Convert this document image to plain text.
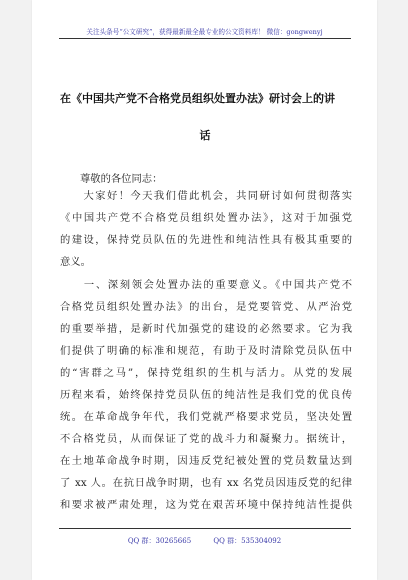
关注头条号“公文研究”，获得最新最全最专业的公文资料库！ 微信：gongwenyj
在《中国共产党不合格党员组织处置办法》研讨会上的讲
话
尊敬的各位同志：
　　大家好！今天我们借此机会，共同研讨如何贯彻落实
《中国共产党不合格党员组织处置办法》，这对于加强党
的建设，保持党员队伍的先进性和纯洁性具有极其重要的
意义。
　　一、深刻领会处置办法的重要意义。《中国共产党不
合格党员组织处置办法》的出台，是党要管党、从严治党
的重要举措，是新时代加强党的建设的必然要求。它为我
们提供了明确的标准和规范，有助于及时清除党员队伍中
的“害群之马”，保持党组织的生机与活力。从党的发展
历程来看，始终保持党员队伍的纯洁性是我们党的优良传
统。在革命战争年代，我们党就严格要求党员，坚决处置
不合格党员，从而保证了党的战斗力和凝聚力。据统计，
在土地革命战争时期，因违反党纪被处置的党员数量达到
了 xx 人。在抗日战争时期，也有 xx 名党员因违反党的纪律
和要求被严肃处理，这为党在艰苦环境中保持纯洁性提供
QQ 群：30265665	QQ 群：535304092
